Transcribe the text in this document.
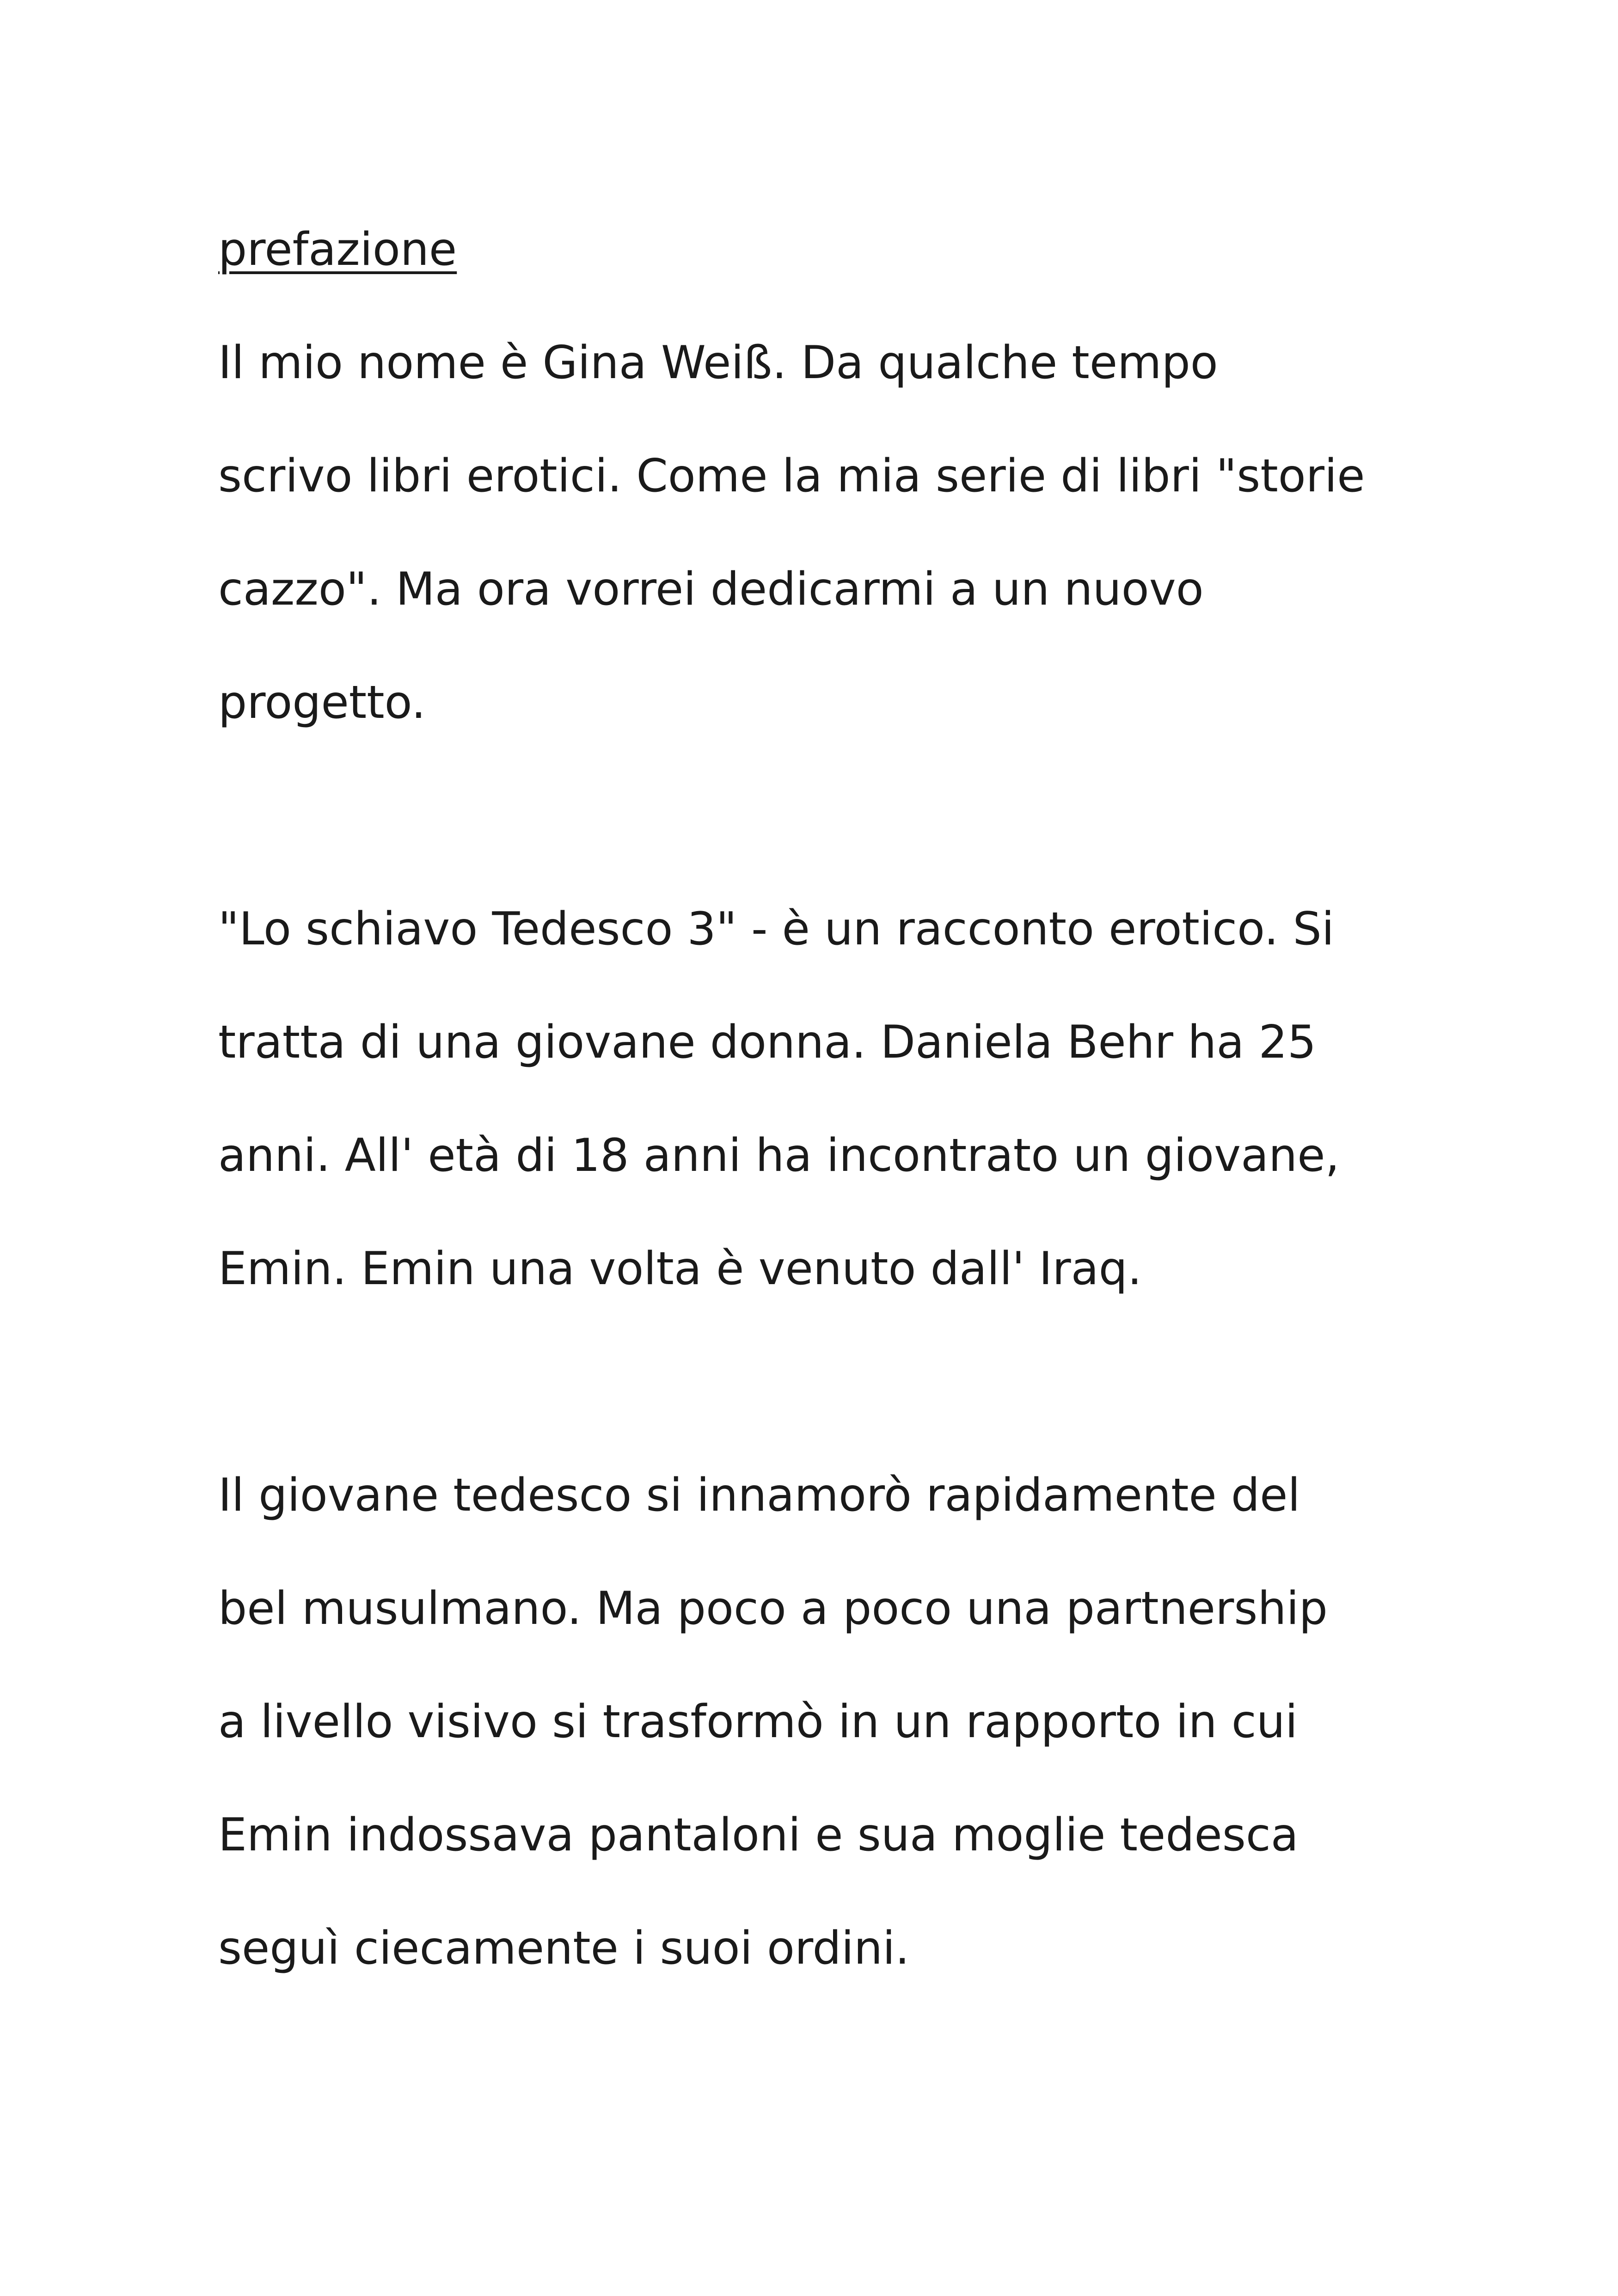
prefazione
Il mio nome è Gina Weiß. Da qualche tempo
scrivo libri erotici. Come la mia serie di libri "storie
cazzo". Ma ora vorrei dedicarmi a un nuovo
progetto.
"Lo schiavo Tedesco 3" - è un racconto erotico. Si
tratta di una giovane donna. Daniela Behr ha 25
anni. All' età di 18 anni ha incontrato un giovane,
Emin. Emin una volta è venuto dall' Iraq.
Il giovane tedesco si innamorò rapidamente del
bel musulmano. Ma poco a poco una partnership
a livello visivo si trasformò in un rapporto in cui
Emin indossava pantaloni e sua moglie tedesca
seguì ciecamente i suoi ordini.
